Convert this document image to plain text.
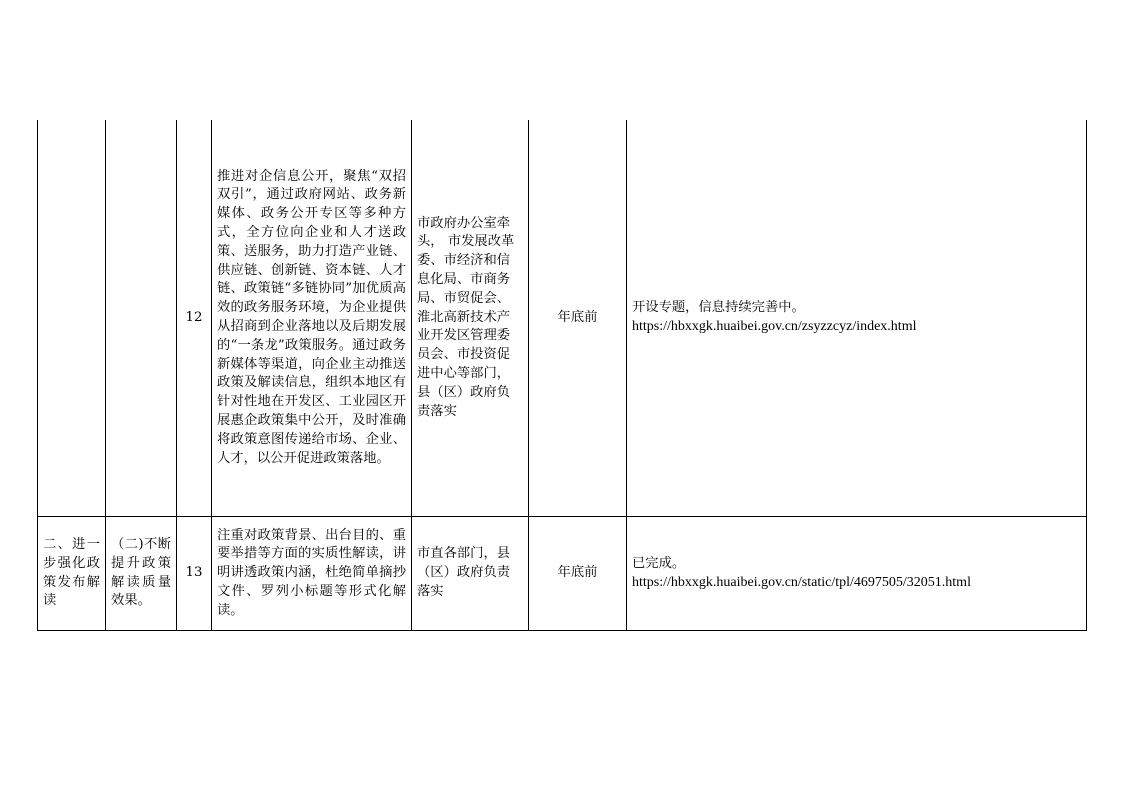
		12	推进对企信息公开，聚焦“双招双引”，通过政府网站、政务新媒体、政务公开专区等多种方式，全方位向企业和人才送政策、送服务，助力打造产业链、供应链、创新链、资本链、人才链、政策链“多链协同”加优质高效的政务服务环境，为企业提供从招商到企业落地以及后期发展的“一条龙”政策服务。通过政务新媒体等渠道，向企业主动推送政策及解读信息，组织本地区有针对性地在开发区、工业园区开展惠企政策集中公开，及时准确将政策意图传递给市场、企业、人才，以公开促进政策落地。	市政府办公室牵头， 市发展改革委、市经济和信息化局、市商务局、市贸促会、淮北高新技术产业开发区管理委员会、市投资促进中心等部门，县（区）政府负责落实	年底前	开设专题，信息持续完善中。
https://hbxxgk.huaibei.gov.cn/zsyzzcyz/index.html

二、进一步强化政策发布解读	（二)不断提升政策解读质量效果。	13	注重对政策背景、出台目的、重要举措等方面的实质性解读，讲明讲透政策内涵，杜绝简单摘抄文件、罗列小标题等形式化解读。	市直各部门，县（区）政府负责落实	年底前	已完成。
https://hbxxgk.huaibei.gov.cn/static/tpl/4697505/32051.html
